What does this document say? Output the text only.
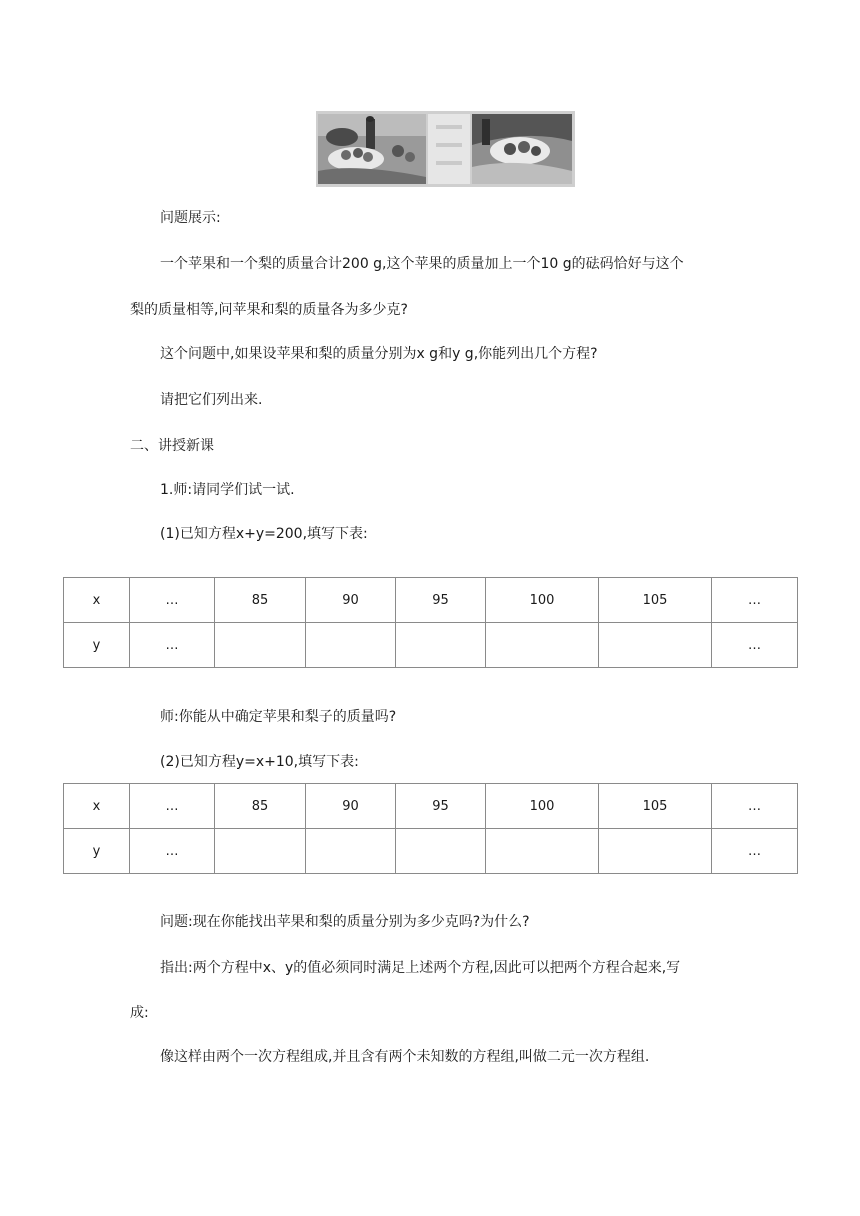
问题展示:
一个苹果和一个梨的质量合计200 g,这个苹果的质量加上一个10 g的砝码恰好与这个
梨的质量相等,问苹果和梨的质量各为多少克?
这个问题中,如果设苹果和梨的质量分别为x g和y g,你能列出几个方程?
请把它们列出来.
二、讲授新课
1.师:请同学们试一试.
(1)已知方程x+y=200,填写下表:
x	…	85	90	95	100	105	…
y	…						…
师:你能从中确定苹果和梨子的质量吗?
(2)已知方程y=x+10,填写下表:
x	…	85	90	95	100	105	…
y	…						…
问题:现在你能找出苹果和梨的质量分别为多少克吗?为什么?
指出:两个方程中x、y的值必须同时满足上述两个方程,因此可以把两个方程合起来,写
成:
像这样由两个一次方程组成,并且含有两个未知数的方程组,叫做二元一次方程组.
